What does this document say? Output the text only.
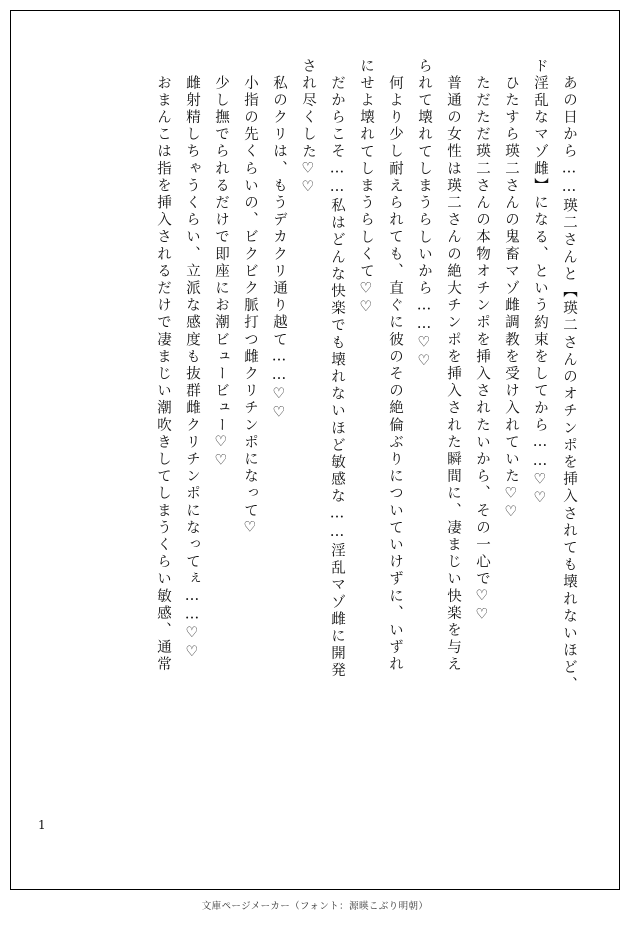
あの日から……瑛二さんと【瑛二さんのオチンポを挿入されても壊れないほど、
ド淫乱なマゾ雌】になる、という約束をしてから……♡♡
ひたすら瑛二さんの鬼畜マゾ雌調教を受け入れていた♡♡
ただただ瑛二さんの本物オチンポを挿入されたいから、その一心で♡♡
普通の女性は瑛二さんの絶大チンポを挿入された瞬間に、凄まじい快楽を与え
られて壊れてしまうらしいから……♡♡
何より少し耐えられても、直ぐに彼のその絶倫ぶりについていけずに、いずれ
にせよ壊れてしまうらしくて♡♡
だからこそ……私はどんな快楽でも壊れないほど敏感な……淫乱マゾ雌に開発
され尽くした♡♡
私のクリは、もうデカクリ通り越て……♡♡
小指の先くらいの、ビクビク脈打つ雌クリチンポになって♡
少し撫でられるだけで即座にお潮ビュービュー♡♡
雌射精しちゃうくらい、立派な感度も抜群雌クリチンポになってぇ……♡♡
おまんこは指を挿入されるだけで凄まじい潮吹きしてしまうくらい敏感、通常
1
文庫ページメーカー（フォント：源暎こぶり明朝）
